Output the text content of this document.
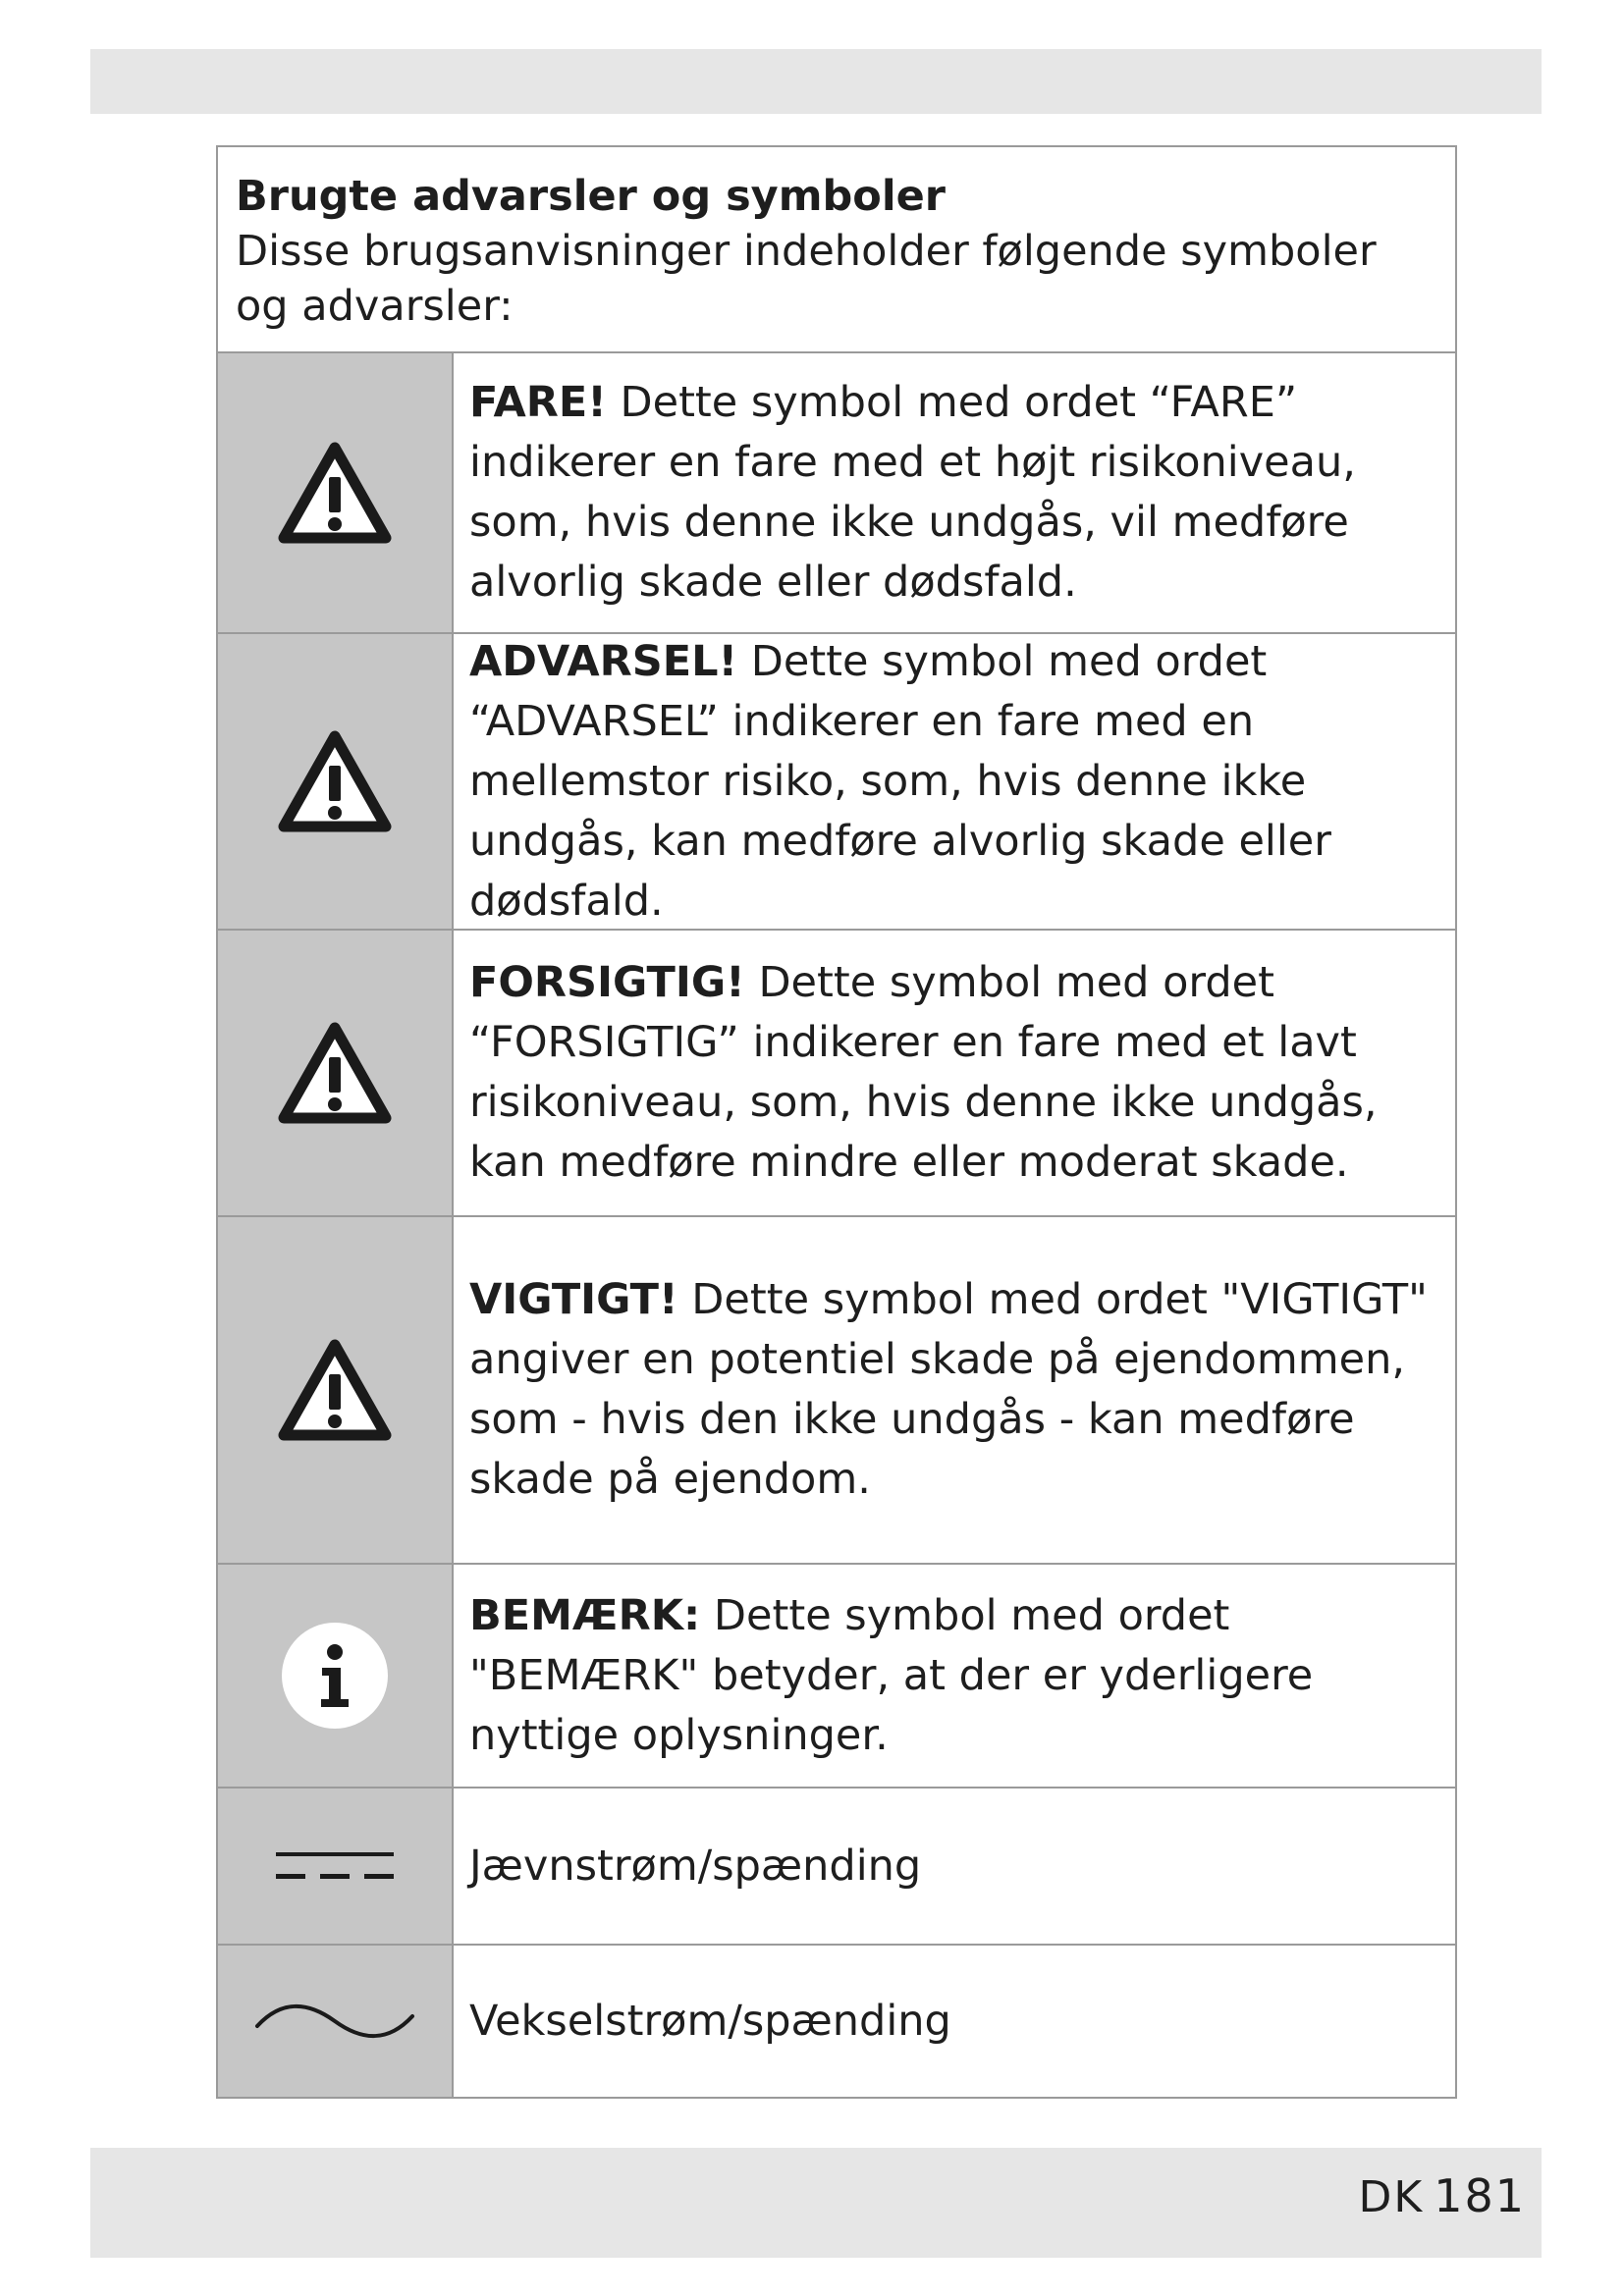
Brugte advarsler og symboler
Disse brugsanvisninger indeholder følgende symboler og advarsler:

FARE! Dette symbol med ordet “FARE” indikerer en fare med et højt risikoniveau, som, hvis denne ikke undgås, vil medføre alvorlig skade eller dødsfald.

ADVARSEL! Dette symbol med ordet “ADVARSEL” indikerer en fare med en mellemstor risiko, som, hvis denne ikke undgås, kan medføre alvorlig skade eller dødsfald.

FORSIGTIG! Dette symbol med ordet “FORSIGTIG” indikerer en fare med et lavt risikoniveau, som, hvis denne ikke undgås, kan medføre mindre eller moderat skade.

VIGTIGT! Dette symbol med ordet "VIGTIGT" angiver en potentiel skade på ejendommen, som - hvis den ikke undgås - kan medføre skade på ejendom.

BEMÆRK: Dette symbol med ordet "BEMÆRK" betyder, at der er yderligere nyttige oplysninger.

Jævnstrøm/spænding

Vekselstrøm/spænding

DK 181
